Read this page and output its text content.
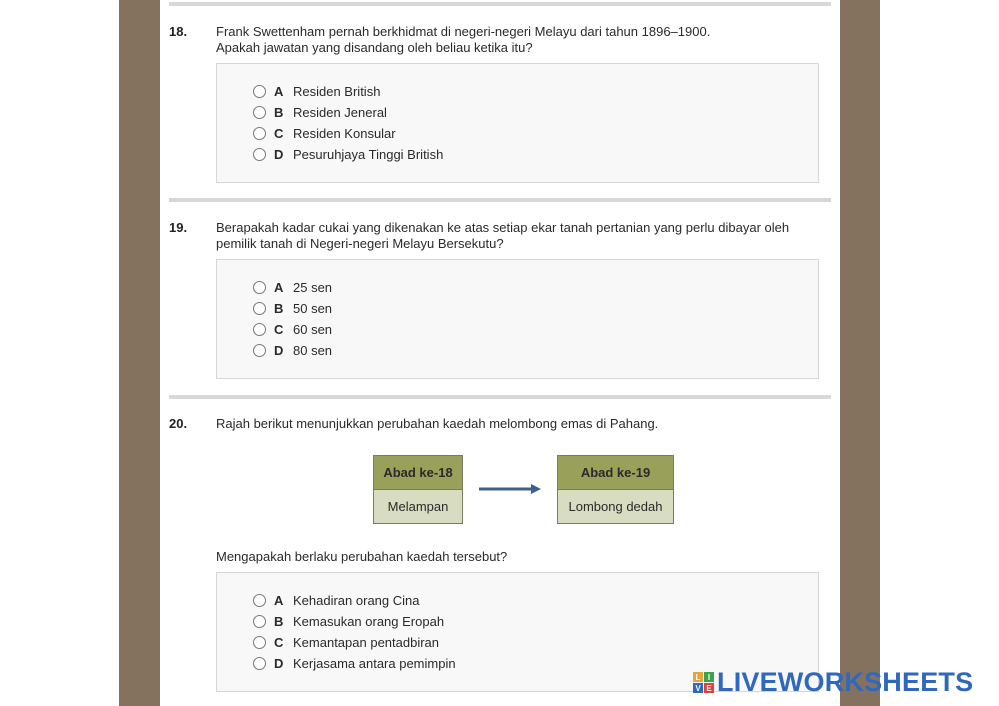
18. Frank Swettenham pernah berkhidmat di negeri-negeri Melayu dari tahun 1896–1900.
Apakah jawatan yang disandang oleh beliau ketika itu?
A Residen British
B Residen Jeneral
C Residen Konsular
D Pesuruhjaya Tinggi British
19. Berapakah kadar cukai yang dikenakan ke atas setiap ekar tanah pertanian yang perlu dibayar oleh
pemilik tanah di Negeri-negeri Melayu Bersekutu?
A 25 sen
B 50 sen
C 60 sen
D 80 sen
20. Rajah berikut menunjukkan perubahan kaedah melombong emas di Pahang.
Abad ke-18
Melampan
Abad ke-19
Lombong dedah
Mengapakah berlaku perubahan kaedah tersebut?
A Kehadiran orang Cina
B Kemasukan orang Eropah
C Kemantapan pentadbiran
D Kerjasama antara pemimpin
L I
V E LIVEWORKSHEETS
